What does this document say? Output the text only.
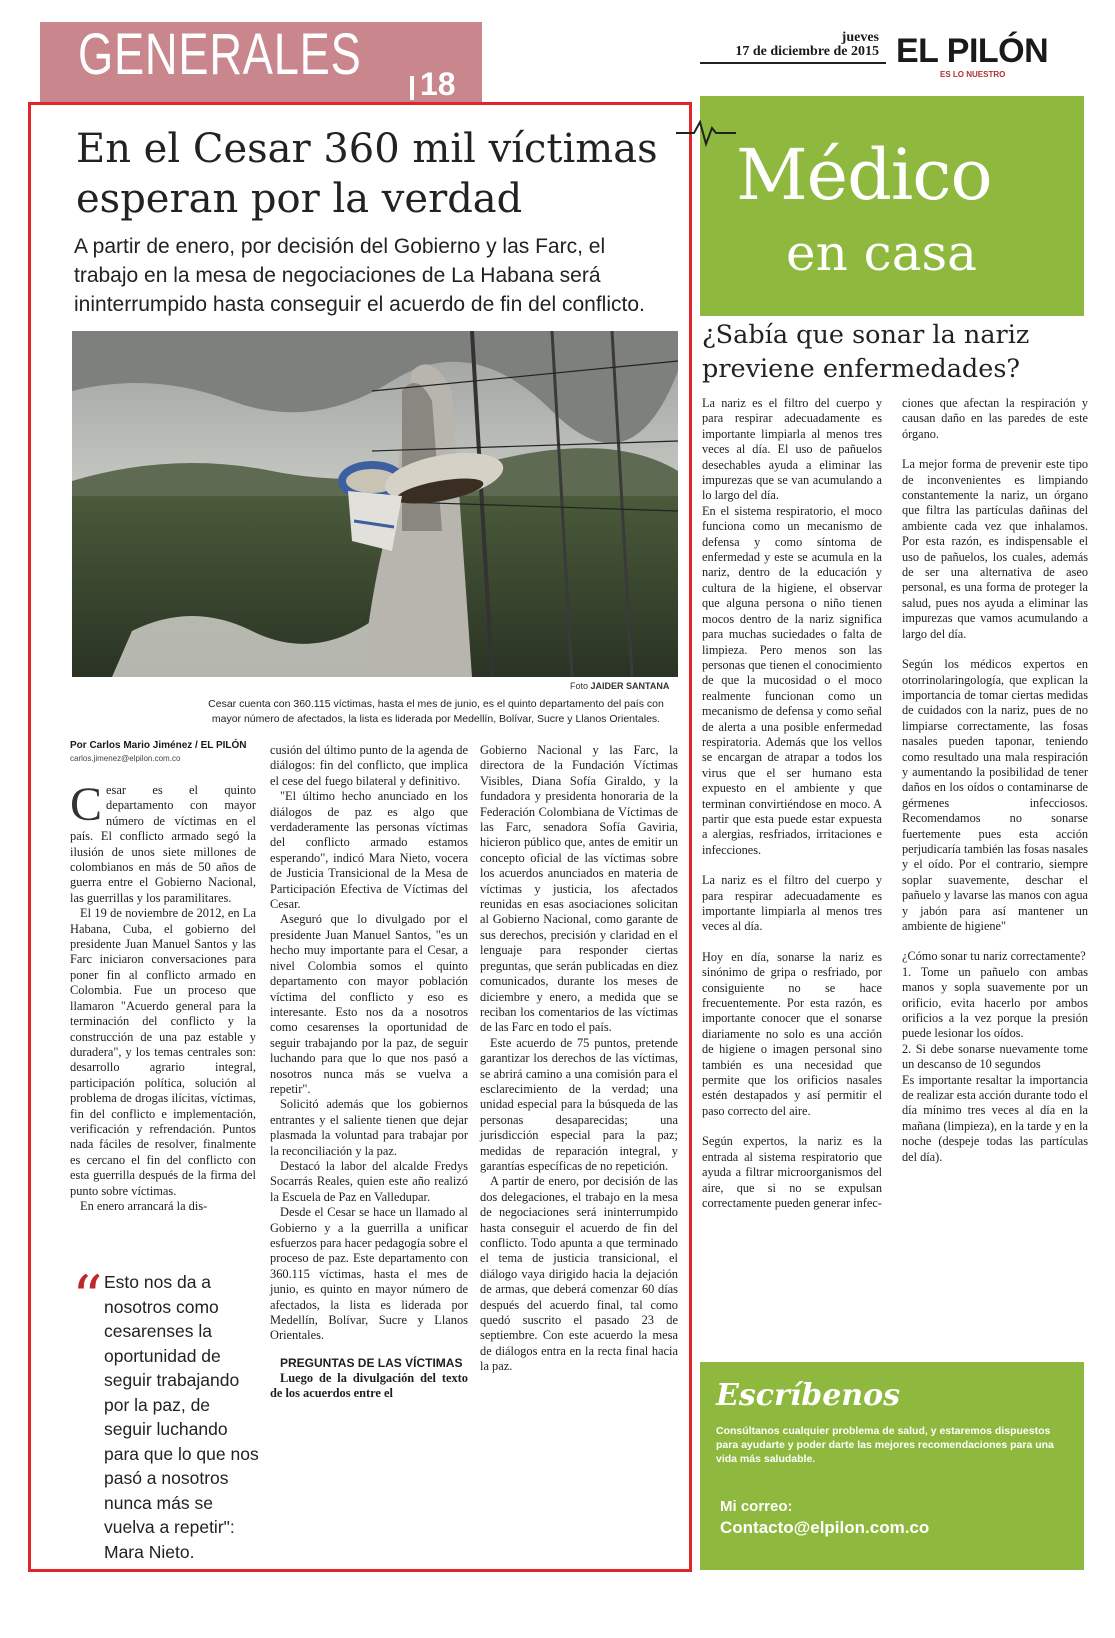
GENERALES 18
jueves
17 de diciembre de 2015 EL PILÓN
ES LO NUESTRO
En el Cesar 360 mil víctimas
esperan por la verdad
A partir de enero, por decisión del Gobierno y las Farc, el trabajo en la mesa de negociaciones de La Habana será ininterrumpido hasta conseguir el acuerdo de fin del conflicto.
Foto JAIDER SANTANA
Cesar cuenta con 360.115 víctimas, hasta el mes de junio, es el quinto departamento del país con mayor número de afectados, la lista es liderada por Medellín, Bolívar, Sucre y Llanos Orientales.
Por Carlos Mario Jiménez / EL PILÓN
carlos.jimenez@elpilon.com.co

Cesar es el quinto departamento con mayor número de víctimas en el país. El conflicto armado segó la ilusión de unos siete millones de colombianos en más de 50 años de guerra entre el Gobierno Nacional, las guerrillas y los paramilitares.

El 19 de noviembre de 2012, en La Habana, Cuba, el gobierno del presidente Juan Manuel Santos y las Farc iniciaron conversaciones para poner fin al conflicto armado en Colombia. Fue un proceso que llamaron "Acuerdo general para la terminación del conflicto y la construcción de una paz estable y duradera", y los temas centrales son: desarrollo agrario integral, participación política, solución al problema de drogas ilícitas, víctimas, fin del conflicto e implementación, verificación y refrendación. Puntos nada fáciles de resolver, finalmente es cercano el fin del conflicto con esta guerrilla después de la firma del punto sobre víctimas.

En enero arrancará la dis-

“ Esto nos da a nosotros como cesarenses la oportunidad de seguir trabajando por la paz, de seguir luchando para que lo que nos pasó a nosotros nunca más se vuelva a repetir": Mara Nieto.

cusión del último punto de la agenda de diálogos: fin del conflicto, que implica el cese del fuego bilateral y definitivo.

"El último hecho anunciado en los diálogos de paz es algo que verdaderamente las personas víctimas del conflicto armado estamos esperando", indicó Mara Nieto, vocera de Justicia Transicional de la Mesa de Participación Efectiva de Víctimas del Cesar.

Aseguró que lo divulgado por el presidente Juan Manuel Santos, "es un hecho muy importante para el Cesar, a nivel Colombia somos el quinto departamento con mayor población víctima del conflicto y eso es interesante. Esto nos da a nosotros como cesarenses la oportunidad de seguir trabajando por la paz, de seguir luchando para que lo que nos pasó a nosotros nunca más se vuelva a repetir".

Solicitó además que los gobiernos entrantes y el saliente tienen que dejar plasmada la voluntad para trabajar por la reconciliación y la paz.

Destacó la labor del alcalde Fredys Socarrás Reales, quien este año realizó la Escuela de Paz en Valledupar.

Desde el Cesar se hace un llamado al Gobierno y a la guerrilla a unificar esfuerzos para hacer pedagogía sobre el proceso de paz. Este departamento con 360.115 víctimas, hasta el mes de junio, es quinto en mayor número de afectados, la lista es liderada por Medellín, Bolívar, Sucre y Llanos Orientales.

PREGUNTAS DE LAS VÍCTIMAS

Luego de la divulgación del texto de los acuerdos entre el

Gobierno Nacional y las Farc, la directora de la Fundación Víctimas Visibles, Diana Sofía Giraldo, y la fundadora y presidenta honoraria de la Federación Colombiana de Víctimas de las Farc, senadora Sofía Gaviria, hicieron público que, antes de emitir un concepto oficial de las víctimas sobre los acuerdos anunciados en materia de víctimas y justicia, los afectados reunidas en esas asociaciones solicitan al Gobierno Nacional, como garante de sus derechos, precisión y claridad en el lenguaje para responder ciertas preguntas, que serán publicadas en diez comunicados, durante los meses de diciembre y enero, a medida que se reciban los comentarios de las víctimas de las Farc en todo el país.

Este acuerdo de 75 puntos, pretende garantizar los derechos de las víctimas, se abrirá camino a una comisión para el esclarecimiento de la verdad; una unidad especial para la búsqueda de las personas desaparecidas; una jurisdicción especial para la paz; medidas de reparación integral, y garantías específicas de no repetición.

A partir de enero, por decisión de las dos delegaciones, el trabajo en la mesa de negociaciones será ininterrumpido hasta conseguir el acuerdo de fin del conflicto. Todo apunta a que terminado el tema de justicia transicional, el diálogo vaya dirigido hacia la dejación de armas, que deberá comenzar 60 días después del acuerdo final, tal como quedó suscrito el pasado 23 de septiembre. Con este acuerdo la mesa de diálogos entra en la recta final hacia la paz.

Médico
en casa
¿Sabía que sonar la nariz previene enfermedades?

La nariz es el filtro del cuerpo y para respirar adecuadamente es importante limpiarla al menos tres veces al día. El uso de pañuelos desechables ayuda a eliminar las impurezas que se van acumulando a lo largo del día.

En el sistema respiratorio, el moco funciona como un mecanismo de defensa y como síntoma de enfermedad y este se acumula en la nariz, dentro de la educación y cultura de la higiene, el observar que alguna persona o niño tienen mocos dentro de la nariz significa para muchas suciedades o falta de limpieza. Pero menos son las personas que tienen el conocimiento de que la mucosidad o el moco realmente funcionan como un mecanismo de defensa y como señal de alerta a una posible enfermedad respiratoria. Además que los vellos se encargan de atrapar a todos los virus que el ser humano esta expuesto en el ambiente y que terminan convirtiéndose en moco. A partir que esta puede estar expuesta a alergias, resfriados, irritaciones e infecciones.

La nariz es el filtro del cuerpo y para respirar adecuadamente es importante limpiarla al menos tres veces al día.

Hoy en día, sonarse la nariz es sinónimo de gripa o resfriado, por consiguiente no se hace frecuentemente. Por esta razón, es importante conocer que el sonarse diariamente no solo es una acción de higiene o imagen personal sino también es una necesidad que permite que los orificios nasales estén destapados y así permitir el paso correcto del aire.

Según expertos, la nariz es la entrada al sistema respiratorio que ayuda a filtrar microorganismos del aire, que si no se expulsan correctamente pueden generar infec-

ciones que afectan la respiración y causan daño en las paredes de este órgano.

La mejor forma de prevenir este tipo de inconvenientes es limpiando constantemente la nariz, un órgano que filtra las partículas dañinas del ambiente cada vez que inhalamos. Por esta razón, es indispensable el uso de pañuelos, los cuales, además de ser una alternativa de aseo personal, es una forma de proteger la salud, pues nos ayuda a eliminar las impurezas que vamos acumulando a largo del día.

Según los médicos expertos en otorrinolaringología, que explican la importancia de tomar ciertas medidas de cuidados con la nariz, pues de no limpiarse correctamente, las fosas nasales pueden taponar, teniendo como resultado una mala respiración y aumentando la posibilidad de tener daños en los oídos o contaminarse de gérmenes infecciosos. Recomendamos no sonarse fuertemente pues esta acción perjudicaría también las fosas nasales y el oído. Por el contrario, siempre soplar suavemente, deschar el pañuelo y lavarse las manos con agua y jabón para así mantener un ambiente de higiene"

¿Cómo sonar tu nariz correctamente?

1. Tome un pañuelo con ambas manos y sopla suavemente por un orificio, evita hacerlo por ambos orificios a la vez porque la presión puede lesionar los oídos.

2. Si debe sonarse nuevamente tome un descanso de 10 segundos

Es importante resaltar la importancia de realizar esta acción durante todo el día mínimo tres veces al día en la mañana (limpieza), en la tarde y en la noche (despeje todas las partículas del día).

Escríbenos
Consúltanos cualquier problema de salud, y estaremos dispuestos para ayudarte y poder darte las mejores recomendaciones para una vida más saludable.
Mi correo:
Contacto@elpilon.com.co
